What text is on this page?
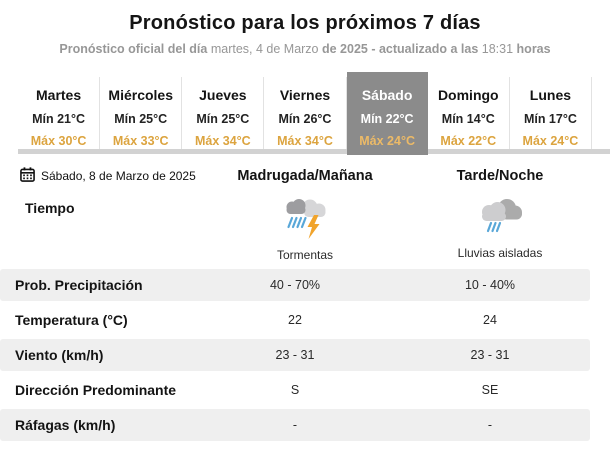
Pronóstico para los próximos 7 días
Pronóstico oficial del día martes, 4 de Marzo de 2025 - actualizado a las 18:31 horas
Martes
Mín 21°C
Máx 30°C
Miércoles
Mín 25°C
Máx 33°C
Jueves
Mín 25°C
Máx 34°C
Viernes
Mín 26°C
Máx 34°C
Sábado
Mín 22°C
Máx 24°C
Domingo
Mín 14°C
Máx 22°C
Lunes
Mín 17°C
Máx 24°C
Sábado, 8 de Marzo de 2025	Madrugada/Mañana	Tarde/Noche
Tiempo
Tormentas	Lluvias aisladas
Prob. Precipitación	40 - 70%	10 - 40%
Temperatura (°C)	22	24
Viento (km/h)	23 - 31	23 - 31
Dirección Predominante	S	SE
Ráfagas (km/h)	-	-
